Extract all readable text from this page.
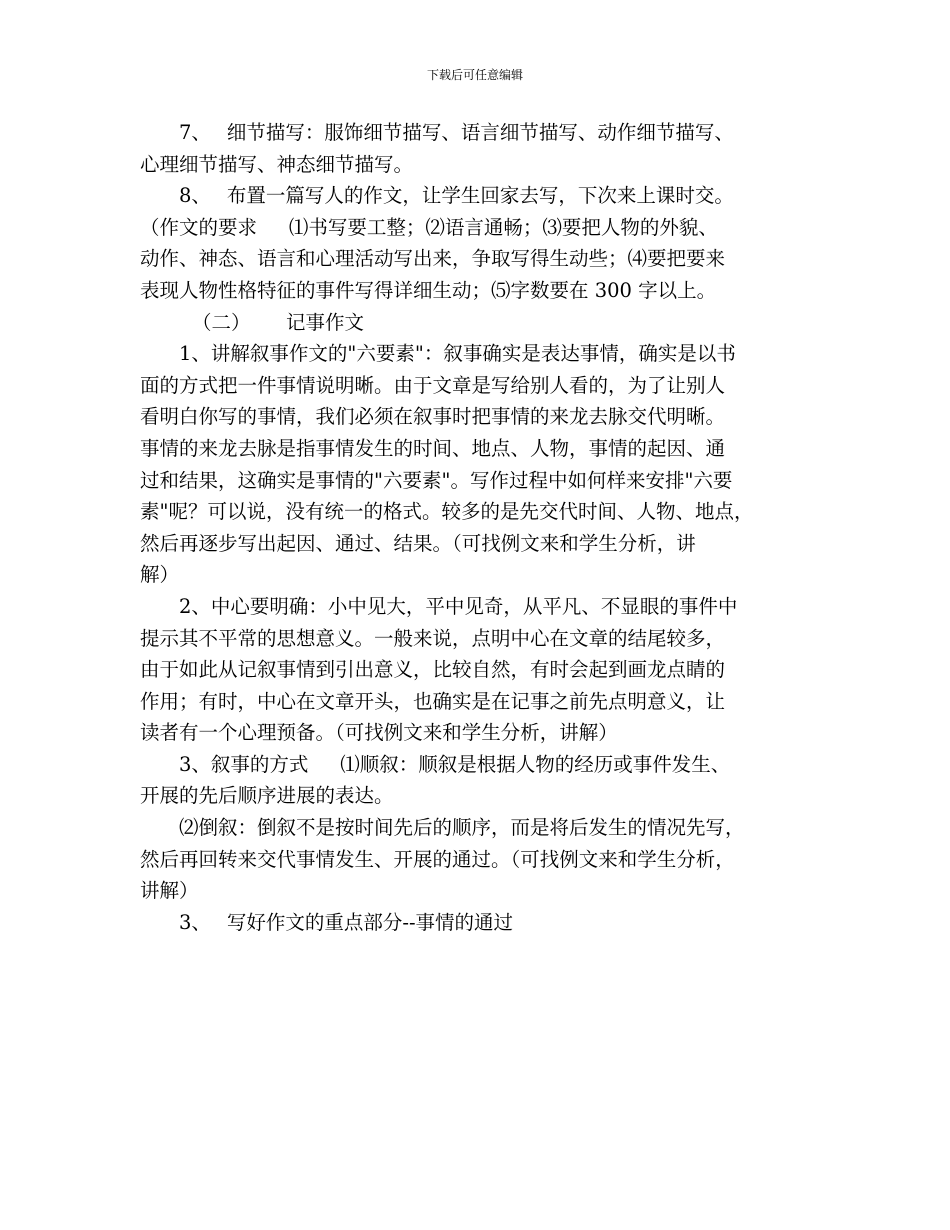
下载后可任意编辑
7、　 细节描写：服饰细节描写、语言细节描写、动作细节描写、
心理细节描写、神态细节描写。
8、　 布置一篇写人的作文，让学生回家去写，下次来上课时交。
（作文的要求 　 ⑴书写要工整；⑵语言通畅；⑶要把人物的外貌、
动作、神态、语言和心理活动写出来，争取写得生动些；⑷要把要来
表现人物性格特征的事件写得详细生动；⑸字数要在 300 字以上。
（二）　　 记事作文
1、讲解叙事作文的"六要素"：叙事确实是表达事情，确实是以书
面的方式把一件事情说明晰。由于文章是写给别人看的，为了让别人
看明白你写的事情，我们必须在叙事时把事情的来龙去脉交代明晰。
事情的来龙去脉是指事情发生的时间、地点、人物，事情的起因、通
过和结果，这确实是事情的"六要素"。写作过程中如何样来安排"六要
素"呢？可以说，没有统一的格式。较多的是先交代时间、人物、地点，
然后再逐步写出起因、通过、结果。（可找例文来和学生分析，讲
解）
2、中心要明确：小中见大，平中见奇，从平凡、不显眼的事件中
提示其不平常的思想意义。一般来说，点明中心在文章的结尾较多，
由于如此从记叙事情到引出意义，比较自然，有时会起到画龙点睛的
作用；有时，中心在文章开头，也确实是在记事之前先点明意义，让
读者有一个心理预备。（可找例文来和学生分析，讲解）
3、叙事的方式 　 ⑴顺叙：顺叙是根据人物的经历或事件发生、
开展的先后顺序进展的表达。
⑵倒叙：倒叙不是按时间先后的顺序，而是将后发生的情况先写，
然后再回转来交代事情发生、开展的通过。（可找例文来和学生分析，
讲解）
3、　 写好作文的重点部分--事情的通过
